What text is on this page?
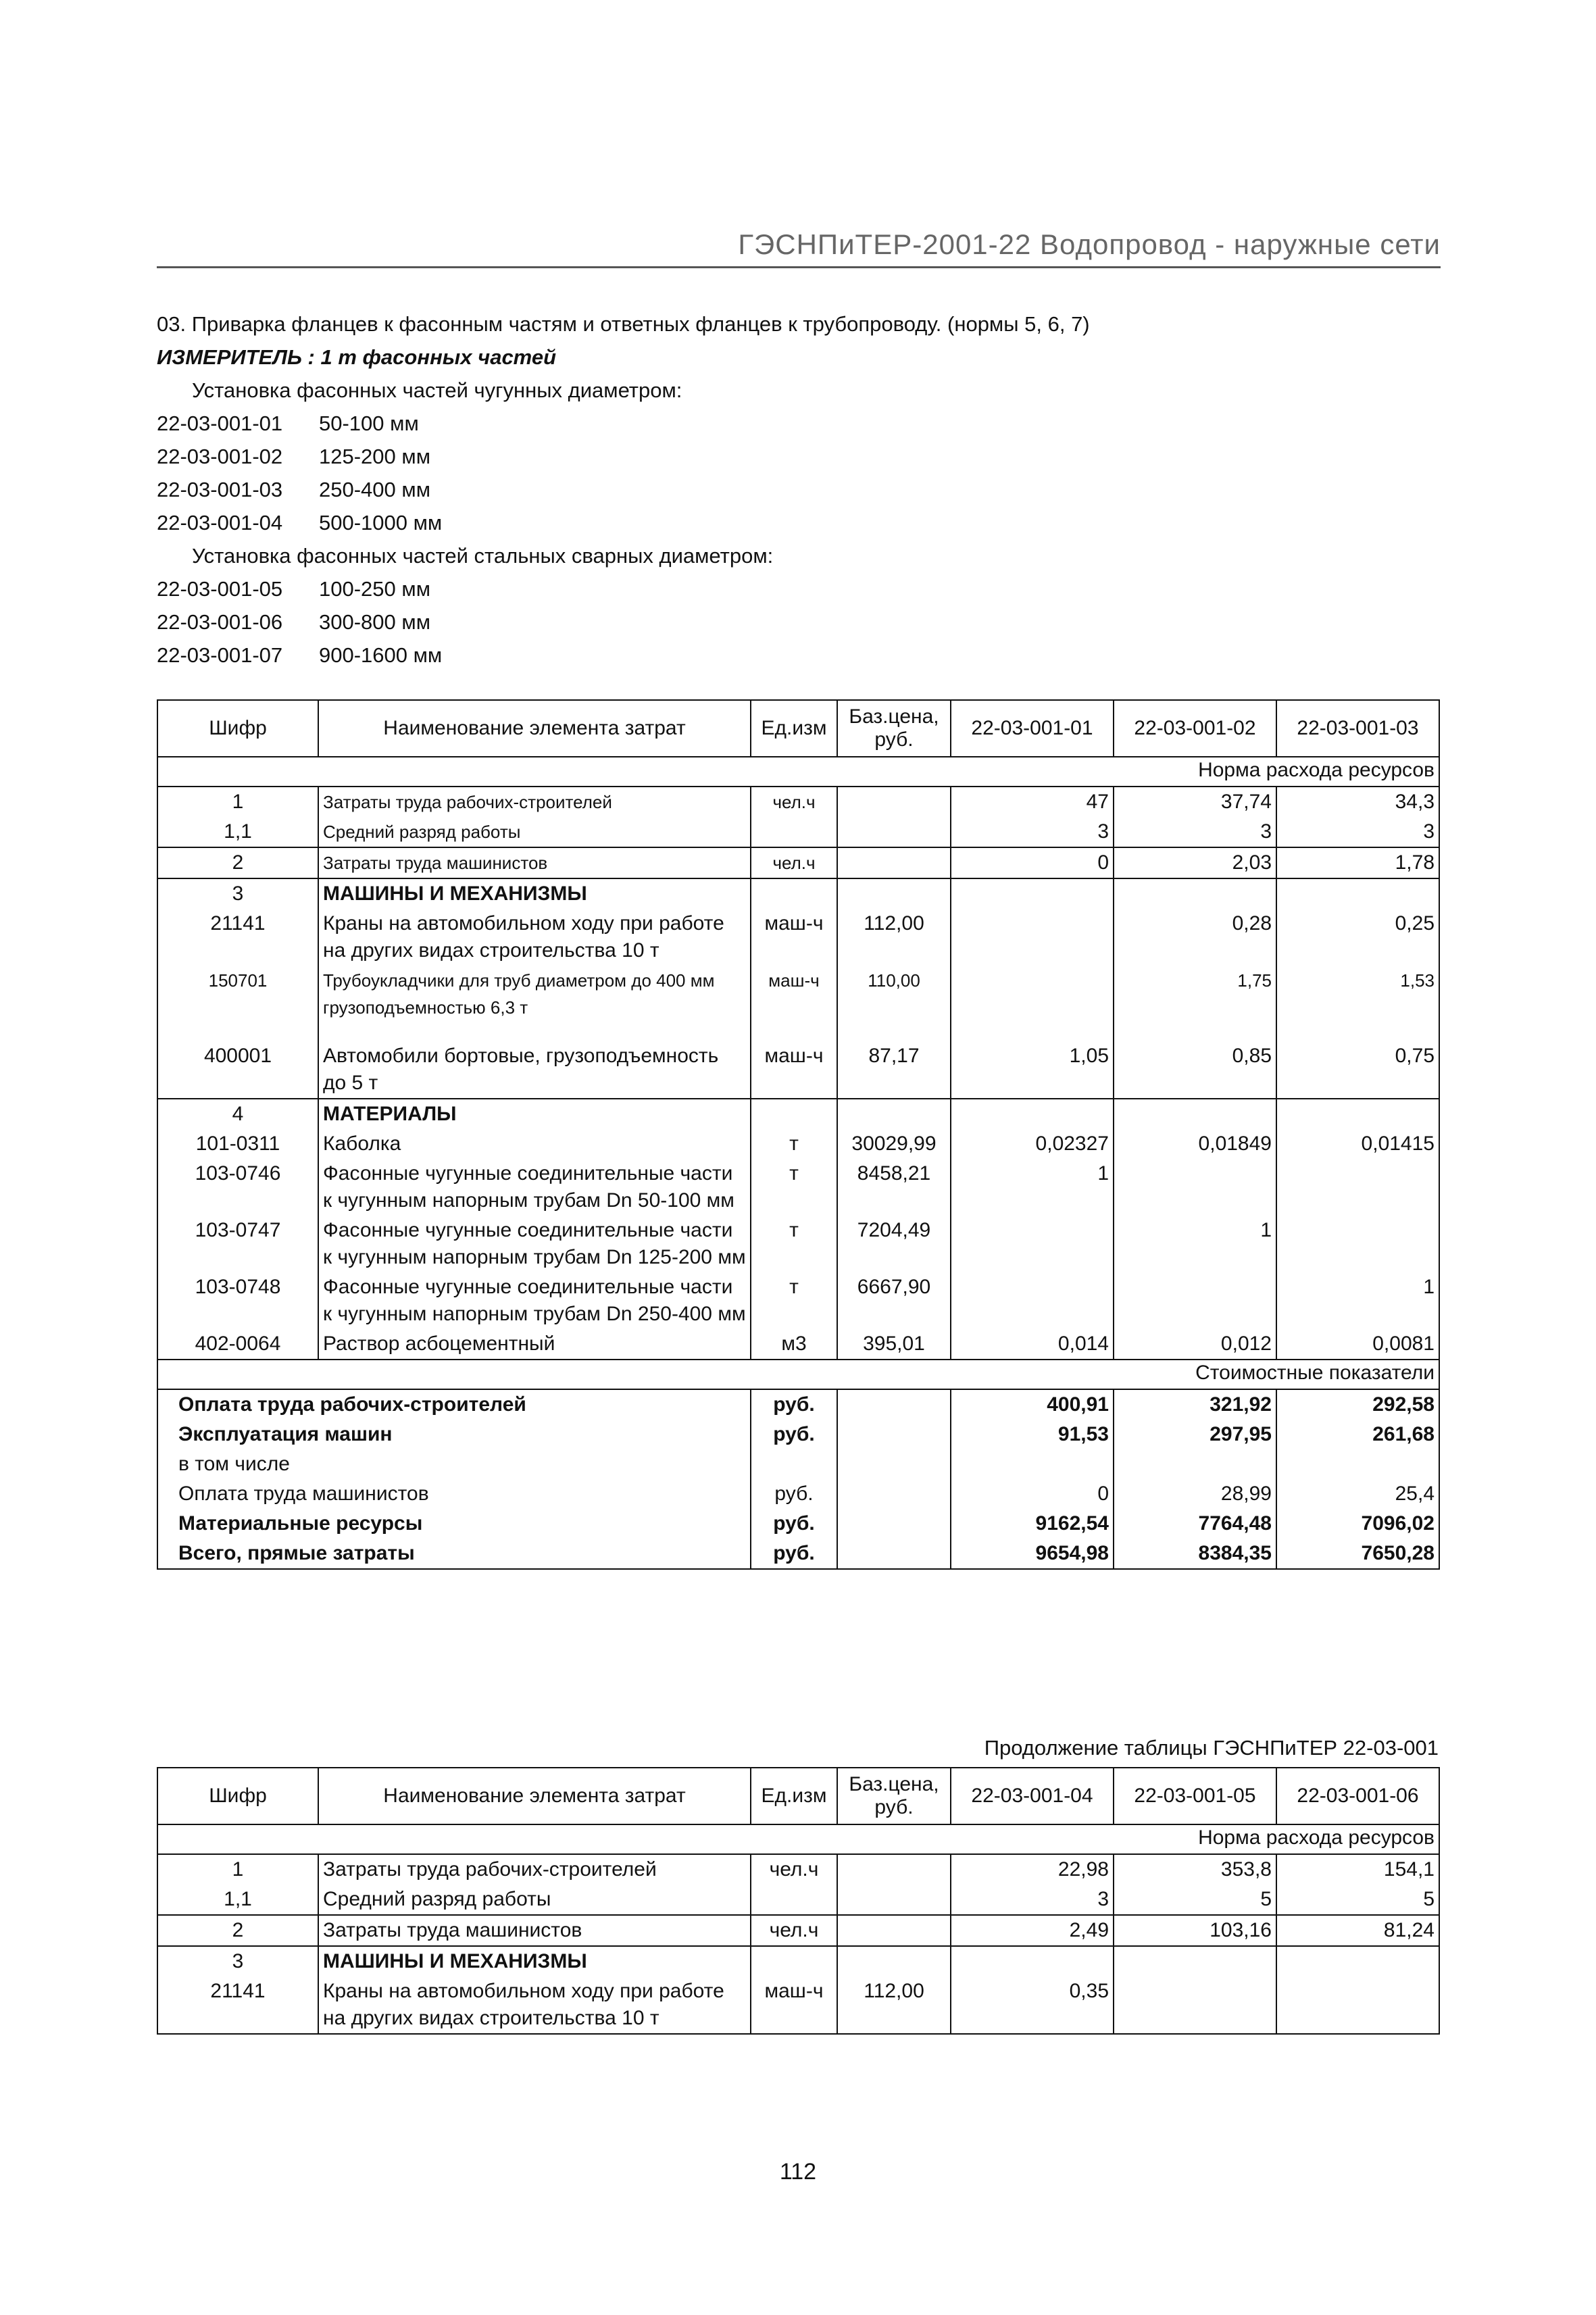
ГЭСНПиТЕР-2001-22 Водопровод - наружные сети
03. Приварка фланцев к фасонным частям и ответных фланцев к трубопроводу. (нормы 5, 6, 7)
ИЗМЕРИТЕЛЬ : 1 т фасонных частей
Установка фасонных частей чугунных диаметром:
22-03-001-01 50-100 мм
22-03-001-02 125-200 мм
22-03-001-03 250-400 мм
22-03-001-04 500-1000 мм
Установка фасонных частей стальных сварных диаметром:
22-03-001-05 100-250 мм
22-03-001-06 300-800 мм
22-03-001-07 900-1600 мм
Шифр	Наименование элемента затрат	Ед.изм	Баз.цена, руб.	22-03-001-01	22-03-001-02	22-03-001-03
Норма расхода ресурсов						
1	Затраты труда рабочих-строителей	чел.ч		47	37,74	34,3
1,1	Средний разряд работы			3	3	3
2	Затраты труда машинистов	чел.ч		0	2,03	1,78
3	МАШИНЫ И МЕХАНИЗМЫ					
21141	Краны на автомобильном ходу при работе на других видах строительства 10 т	маш-ч	112,00		0,28	0,25
150701	Трубоукладчики для труб диаметром до 400 мм грузоподъемностью 6,3 т	маш-ч	110,00		1,75	1,53
400001	Автомобили бортовые, грузоподъемность до 5 т	маш-ч	87,17	1,05	0,85	0,75
4	МАТЕРИАЛЫ					
101-0311	Каболка	т	30029,99	0,02327	0,01849	0,01415
103-0746	Фасонные чугунные соединительные части к чугунным напорным трубам Dn 50-100 мм	т	8458,21	1		
103-0747	Фасонные чугунные соединительные части к чугунным напорным трубам Dn 125-200 мм	т	7204,49		1	
103-0748	Фасонные чугунные соединительные части к чугунным напорным трубам Dn 250-400 мм	т	6667,90			1
402-0064	Раствор асбоцементный	м3	395,01	0,014	0,012	0,0081
Стоимостные показатели						
Оплата труда рабочих-строителей		руб.		400,91	321,92	292,58
Эксплуатация машин		руб.		91,53	297,95	261,68
в том числе						
Оплата труда машинистов		руб.		0	28,99	25,4
Материальные ресурсы		руб.		9162,54	7764,48	7096,02
Всего, прямые затраты		руб.		9654,98	8384,35	7650,28
Продолжение таблицы ГЭСНПиТЕР 22-03-001
Шифр	Наименование элемента затрат	Ед.изм	Баз.цена, руб.	22-03-001-04	22-03-001-05	22-03-001-06
Норма расхода ресурсов						
1	Затраты труда рабочих-строителей	чел.ч		22,98	353,8	154,1
1,1	Средний разряд работы			3	5	5
2	Затраты труда машинистов	чел.ч		2,49	103,16	81,24
3	МАШИНЫ И МЕХАНИЗМЫ					
21141	Краны на автомобильном ходу при работе на других видах строительства 10 т	маш-ч	112,00	0,35		
112
